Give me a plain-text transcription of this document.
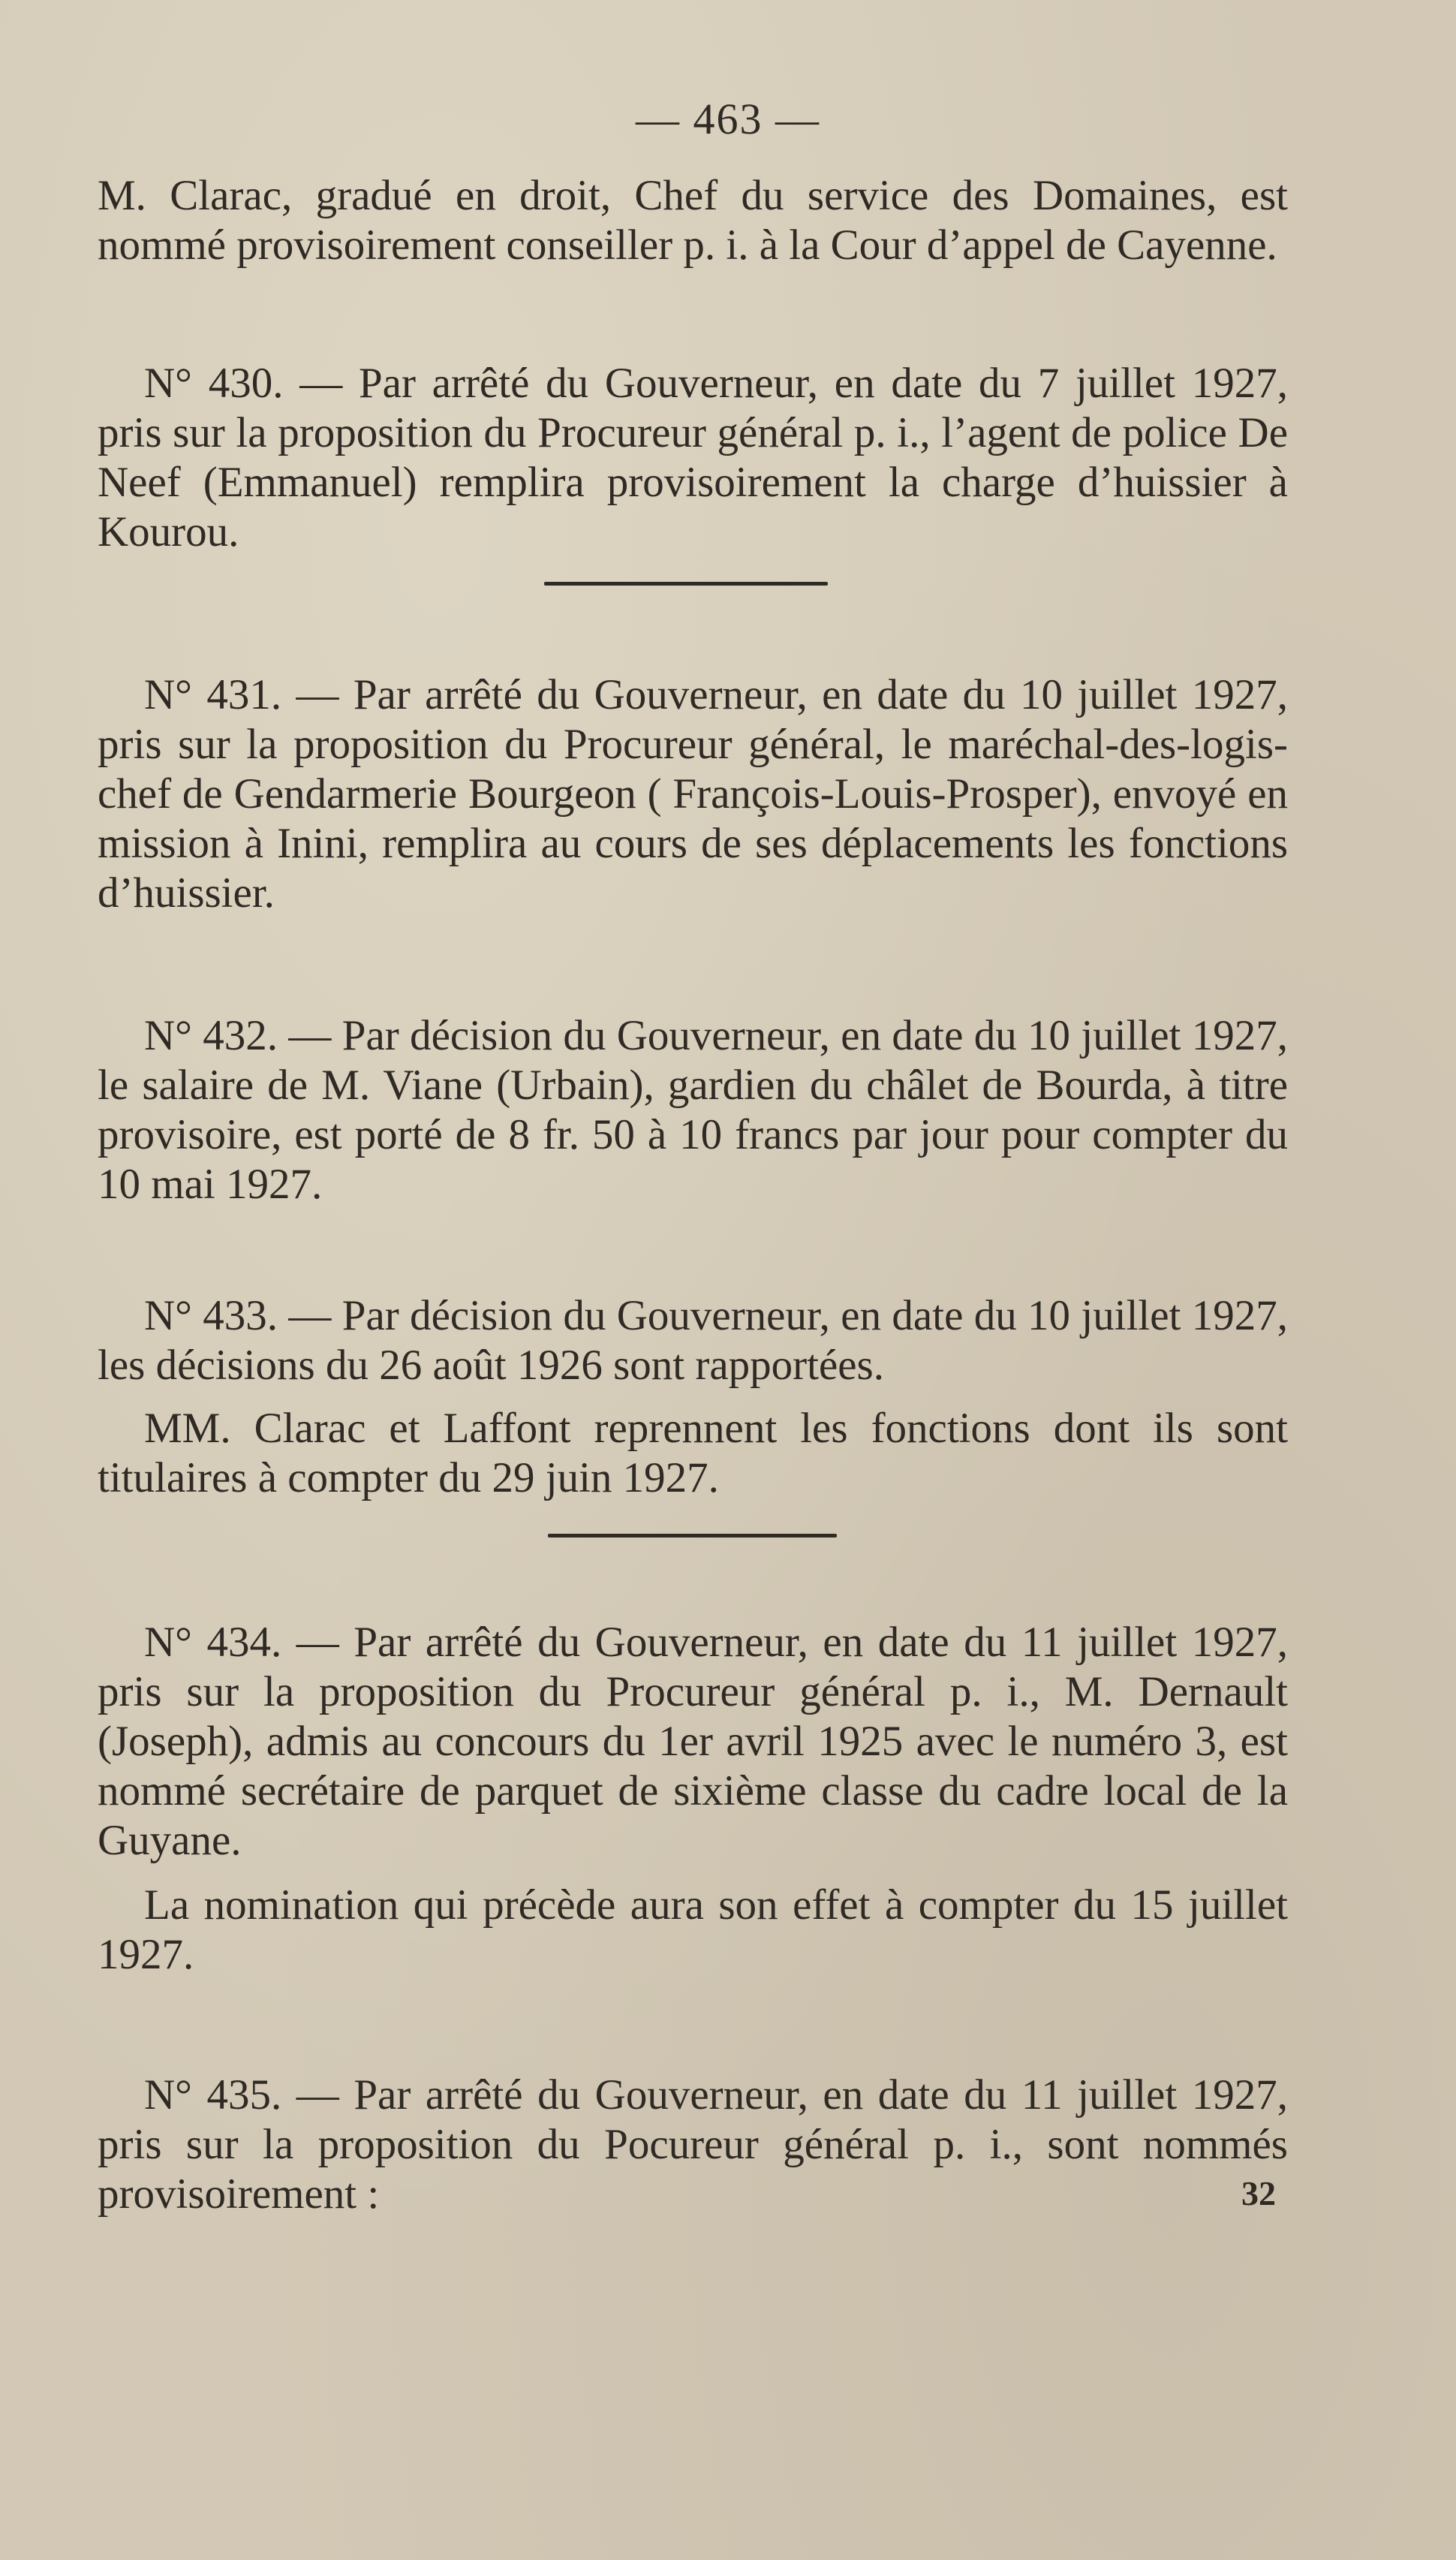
— 463 —

M. Clarac, gradué en droit, Chef du service des Domaines, est nommé provisoirement conseiller p. i. à la Cour d’appel de Cayenne.

N° 430. — Par arrêté du Gouverneur, en date du 7 juillet 1927, pris sur la proposition du Procureur général p. i., l’agent de police De Neef (Emmanuel) remplira provisoirement la charge d’huissier à Kourou.

N° 431. — Par arrêté du Gouverneur, en date du 10 juillet 1927, pris sur la proposition du Procureur général, le maréchal-des-logis-chef de Gendarmerie Bourgeon ( François-Louis-Prosper), envoyé en mission à Inini, remplira au cours de ses déplacements les fonctions d’huissier.

N° 432. — Par décision du Gouverneur, en date du 10 juillet 1927, le salaire de M. Viane (Urbain), gardien du châlet de Bourda, à titre provisoire, est porté de 8 fr. 50 à 10 francs par jour pour compter du 10 mai 1927.

N° 433. — Par décision du Gouverneur, en date du 10 juillet 1927, les décisions du 26 août 1926 sont rapportées.

MM. Clarac et Laffont reprennent les fonctions dont ils sont titulaires à compter du 29 juin 1927.

N° 434. — Par arrêté du Gouverneur, en date du 11 juillet 1927, pris sur la proposition du Procureur général p. i., M. Dernault (Joseph), admis au concours du 1er avril 1925 avec le numéro 3, est nommé secrétaire de parquet de sixième classe du cadre local de la Guyane.

La nomination qui précède aura son effet à compter du 15 juillet 1927.

N° 435. — Par arrêté du Gouverneur, en date du 11 juillet 1927, pris sur la proposition du Pocureur général p. i., sont nommés provisoirement :	32
